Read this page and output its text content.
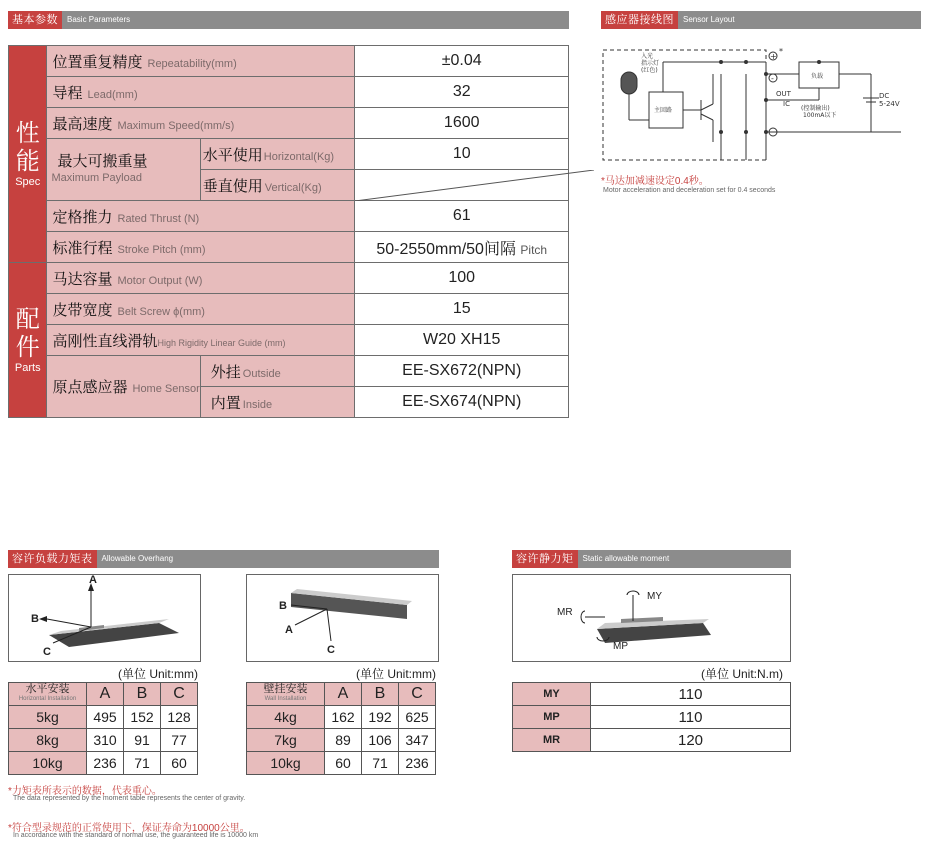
基本参数	Basic Parameters
性
能
Spec	位置重复精度 Repeatability(mm)		±0.04
	导程 Lead(mm)		32
	最高速度 Maximum Speed(mm/s)		1600

	最大可搬重量
Maximum Payload	水平使用Horizontal(Kg)	10
		垂直使用 Vertical(Kg)	

	定格推力 Rated Thrust (N)		61
	标准行程 Stroke Pitch (mm)		50-2550mm/50间隔 Pitch

配
件
Parts	马达容量 Motor Output (W)		100
	皮带宽度 Belt Screw ϕ(mm)		15
	高刚性直线滑轨High Rigidity Linear Guide (mm)		W20 XH15
	原点感应器 Home Sensor	外挂 Outside	EE-SX672(NPN)
		内置 Inside	EE-SX674(NPN)
感应器接线图	Sensor Layout
入光
指示灯
(红色)
主回路
负载
OUT
IC
(控制输出)
100mA以下
DC
5-24V
+
-
*
*马达加减速设定0.4秒。
Motor acceleration and deceleration set for 0.4 seconds
容许负载力矩表	Allowable Overhang
A
B
C
B
A
C
(单位 Unit:mm)	(单位 Unit:mm)
水平安装
Horizontal Installation	A	B	C
5kg	495	152	128
8kg	310	91	77
10kg	236	71	60
壁挂安装
Wall Installation	A	B	C
4kg	162	192	625
7kg	89	106	347
10kg	60	71	236
*力矩表所表示的数据，代表重心。
The data represented by the moment table represents the center of gravity.
*符合型录规范的正常使用下，保证寿命为10000公里。
In accordance with the standard of normal use, the guaranteed life is 10000 km
容许静力矩	Static allowable moment
MY
MR
MP
(单位 Unit:N.m)
MY	110
MP	110
MR	120
